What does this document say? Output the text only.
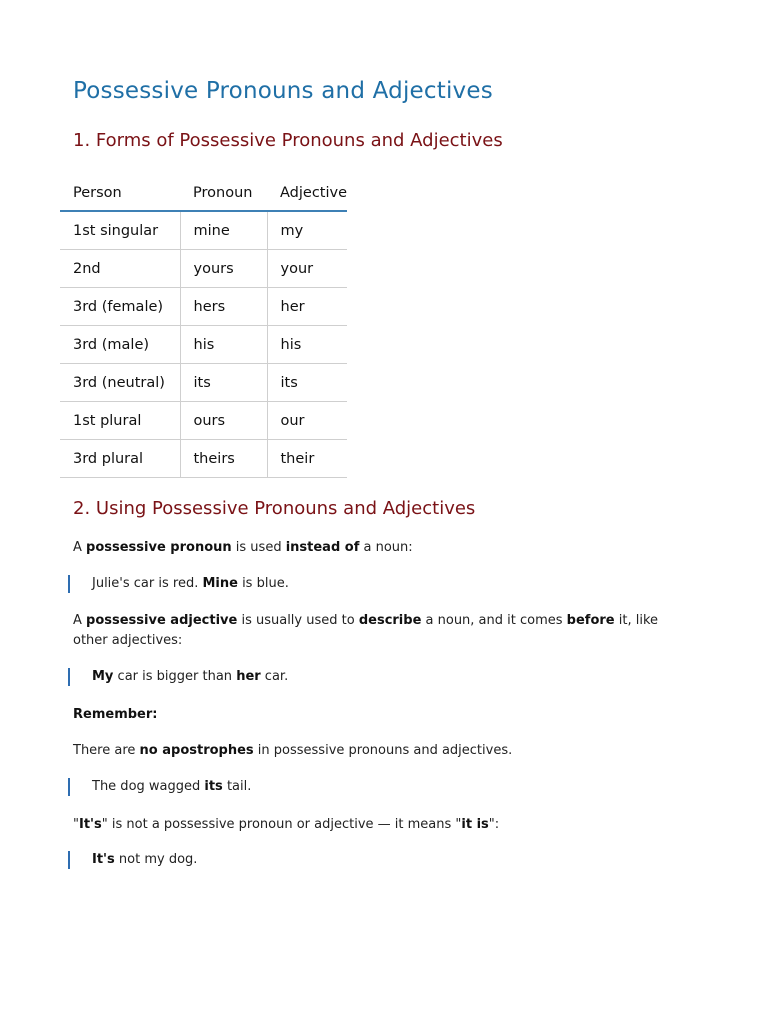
Possessive Pronouns and Adjectives
1. Forms of Possessive Pronouns and Adjectives
Person	Pronoun	Adjective
1st singular	mine	my
2nd	yours	your
3rd (female)	hers	her
3rd (male)	his	his
3rd (neutral)	its	its
1st plural	ours	our
3rd plural	theirs	their
2. Using Possessive Pronouns and Adjectives

A possessive pronoun is used instead of a noun:

Julie's car is red. Mine is blue.

A possessive adjective is usually used to describe a noun, and it comes before it, like other adjectives:

My car is bigger than her car.

Remember:

There are no apostrophes in possessive pronouns and adjectives.

The dog wagged its tail.

"It's" is not a possessive pronoun or adjective — it means "it is":

It's not my dog.
